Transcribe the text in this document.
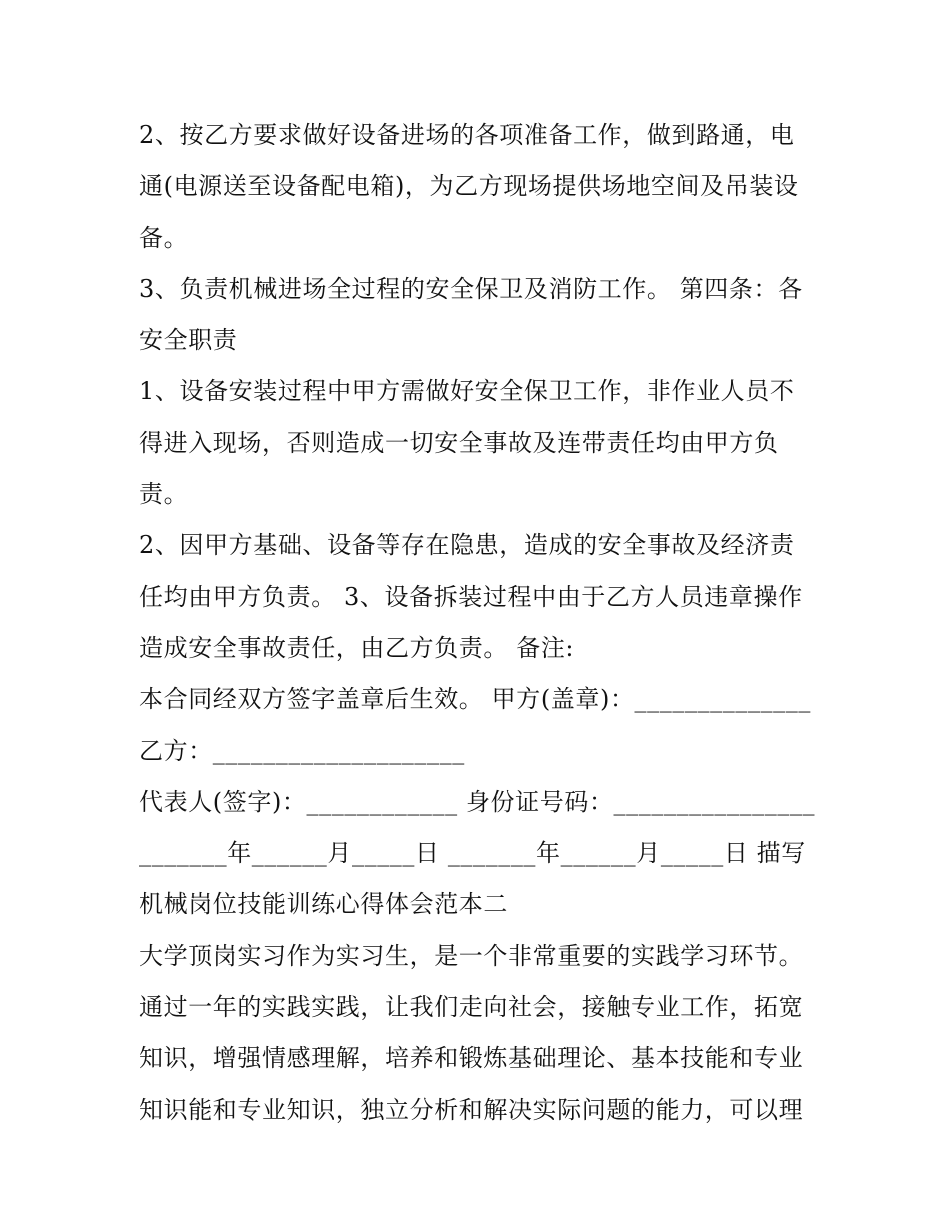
2、按乙方要求做好设备进场的各项准备工作，做到路通，电
通(电源送至设备配电箱)，为乙方现场提供场地空间及吊装设
备。
3、负责机械进场全过程的安全保卫及消防工作。 第四条：各
安全职责
1、设备安装过程中甲方需做好安全保卫工作，非作业人员不
得进入现场，否则造成一切安全事故及连带责任均由甲方负
责。
2、因甲方基础、设备等存在隐患，造成的安全事故及经济责
任均由甲方负责。 3、设备拆装过程中由于乙方人员违章操作
造成安全事故责任，由乙方负责。 备注:
本合同经双方签字盖章后生效。 甲方(盖章)：______________
乙方：____________________
代表人(签字)：____________ 身份证号码：________________
_______年______月_____日 _______年______月_____日 描写
机械岗位技能训练心得体会范本二
大学顶岗实习作为实习生，是一个非常重要的实践学习环节。
通过一年的实践实践，让我们走向社会，接触专业工作，拓宽
知识，增强情感理解，培养和锻炼基础理论、基本技能和专业
知识能和专业知识，独立分析和解决实际问题的能力，可以理
